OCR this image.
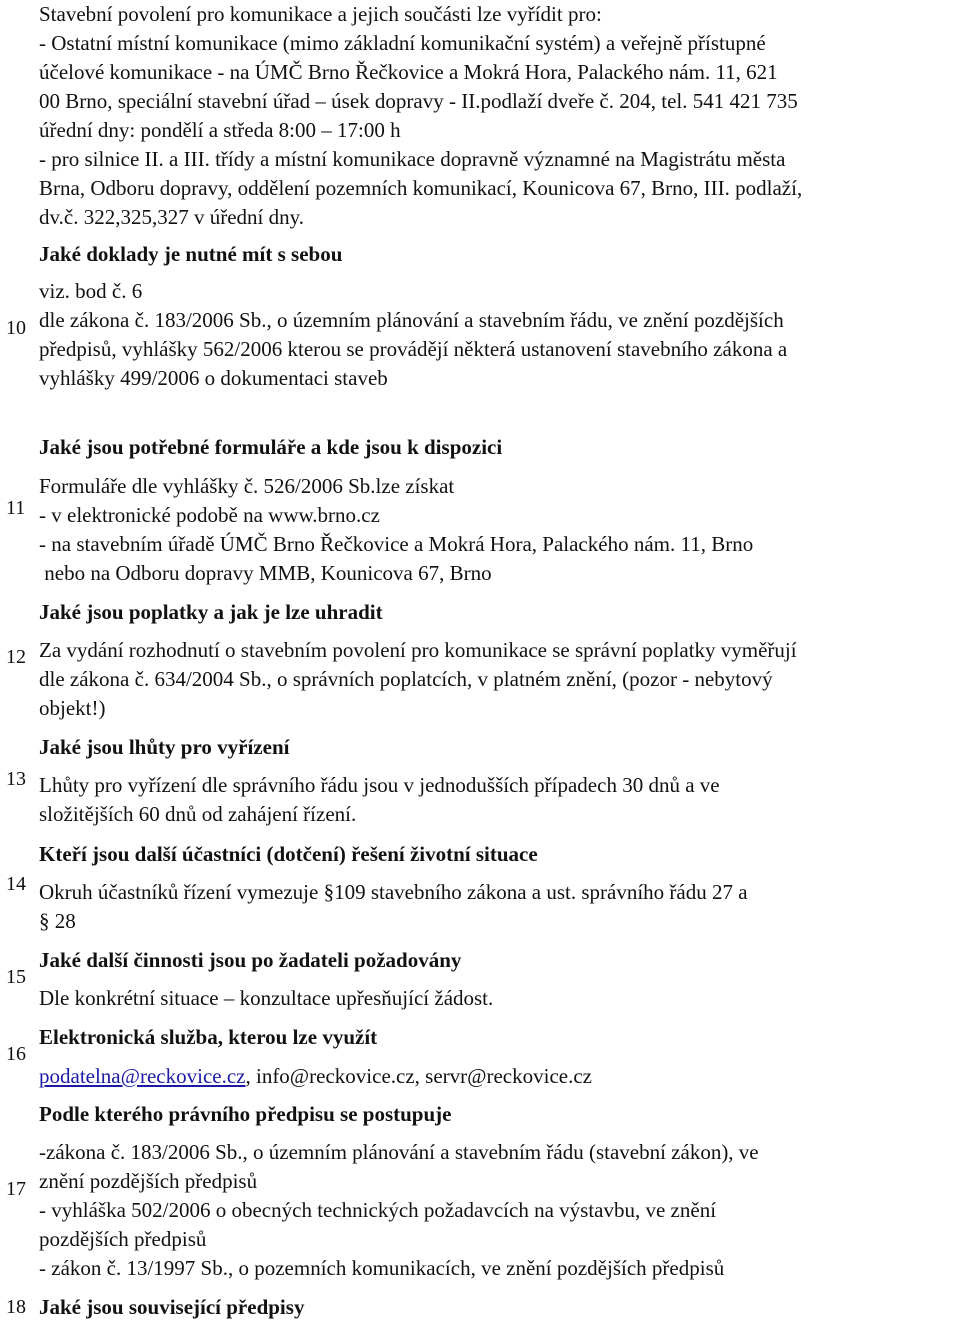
Stavební povolení pro komunikace a jejich součásti lze vyřídit pro:
- Ostatní místní komunikace (mimo základní komunikační systém) a veřejně přístupné
účelové komunikace - na ÚMČ Brno Řečkovice a Mokrá Hora, Palackého nám. 11, 621
00 Brno, speciální stavební úřad – úsek dopravy - II.podlaží dveře č. 204, tel. 541 421 735
úřední dny: pondělí a středa 8:00 – 17:00 h
- pro silnice II. a III. třídy a místní komunikace dopravně významné na Magistrátu města
Brna, Odboru dopravy, oddělení pozemních komunikací, Kounicova 67, Brno, III. podlaží,
dv.č. 322,325,327 v úřední dny.
Jaké doklady je nutné mít s sebou
viz. bod č. 6
10 dle zákona č. 183/2006 Sb., o územním plánování a stavebním řádu, ve znění pozdějších
předpisů, vyhlášky 562/2006 kterou se provádějí některá ustanovení stavebního zákona a
vyhlášky 499/2006 o dokumentaci staveb
Jaké jsou potřebné formuláře a kde jsou k dispozici
Formuláře dle vyhlášky č. 526/2006 Sb.lze získat
11 - v elektronické podobě na www.brno.cz
- na stavebním úřadě ÚMČ Brno Řečkovice a Mokrá Hora, Palackého nám. 11, Brno
nebo na Odboru dopravy MMB, Kounicova 67, Brno
Jaké jsou poplatky a jak je lze uhradit
12 Za vydání rozhodnutí o stavebním povolení pro komunikace se správní poplatky vyměřují
dle zákona č. 634/2004 Sb., o správních poplatcích, v platném znění, (pozor - nebytový
objekt!)
Jaké jsou lhůty pro vyřízení
13 Lhůty pro vyřízení dle správního řádu jsou v jednodušších případech 30 dnů a ve
složitějších 60 dnů od zahájení řízení.
Kteří jsou další účastníci (dotčení) řešení životní situace
14 Okruh účastníků řízení vymezuje §109 stavebního zákona a ust. správního řádu 27 a
§ 28
Jaké další činnosti jsou po žadateli požadovány
15
Dle konkrétní situace – konzultace upřesňující žádost.
Elektronická služba, kterou lze využít
16
podatelna@reckovice.cz, info@reckovice.cz, servr@reckovice.cz
Podle kterého právního předpisu se postupuje
-zákona č. 183/2006 Sb., o územním plánování a stavebním řádu (stavební zákon), ve
17 znění pozdějších předpisů
- vyhláška 502/2006 o obecných technických požadavcích na výstavbu, ve znění
pozdějších předpisů
- zákon č. 13/1997 Sb., o pozemních komunikacích, ve znění pozdějších předpisů
18 Jaké jsou související předpisy
